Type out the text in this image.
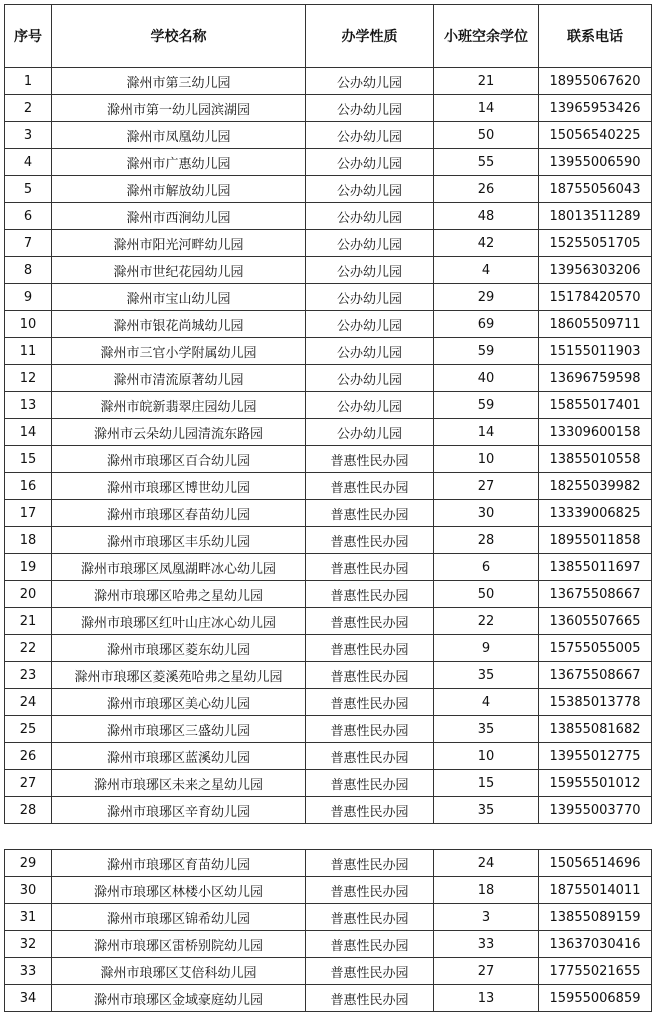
序号	学校名称	办学性质	小班空余学位	联系电话
1	滁州市第三幼儿园	公办幼儿园	21	18955067620
2	滁州市第一幼儿园滨湖园	公办幼儿园	14	13965953426
3	滁州市凤凰幼儿园	公办幼儿园	50	15056540225
4	滁州市广惠幼儿园	公办幼儿园	55	13955006590
5	滁州市解放幼儿园	公办幼儿园	26	18755056043
6	滁州市西涧幼儿园	公办幼儿园	48	18013511289
7	滁州市阳光河畔幼儿园	公办幼儿园	42	15255051705
8	滁州市世纪花园幼儿园	公办幼儿园	4	13956303206
9	滁州市宝山幼儿园	公办幼儿园	29	15178420570
10	滁州市银花尚城幼儿园	公办幼儿园	69	18605509711
11	滁州市三官小学附属幼儿园	公办幼儿园	59	15155011903
12	滁州市清流原著幼儿园	公办幼儿园	40	13696759598
13	滁州市皖新翡翠庄园幼儿园	公办幼儿园	59	15855017401
14	滁州市云朵幼儿园清流东路园	公办幼儿园	14	13309600158
15	滁州市琅琊区百合幼儿园	普惠性民办园	10	13855010558
16	滁州市琅琊区博世幼儿园	普惠性民办园	27	18255039982
17	滁州市琅琊区春苗幼儿园	普惠性民办园	30	13339006825
18	滁州市琅琊区丰乐幼儿园	普惠性民办园	28	18955011858
19	滁州市琅琊区凤凰湖畔冰心幼儿园	普惠性民办园	6	13855011697
20	滁州市琅琊区哈弗之星幼儿园	普惠性民办园	50	13675508667
21	滁州市琅琊区红叶山庄冰心幼儿园	普惠性民办园	22	13605507665
22	滁州市琅琊区菱东幼儿园	普惠性民办园	9	15755055005
23	滁州市琅琊区菱溪苑哈弗之星幼儿园	普惠性民办园	35	13675508667
24	滁州市琅琊区美心幼儿园	普惠性民办园	4	15385013778
25	滁州市琅琊区三盛幼儿园	普惠性民办园	35	13855081682
26	滁州市琅琊区蓝溪幼儿园	普惠性民办园	10	13955012775
27	滁州市琅琊区未来之星幼儿园	普惠性民办园	15	15955501012
28	滁州市琅琊区辛育幼儿园	普惠性民办园	35	13955003770
29	滁州市琅琊区育苗幼儿园	普惠性民办园	24	15056514696
30	滁州市琅琊区林楼小区幼儿园	普惠性民办园	18	18755014011
31	滁州市琅琊区锦希幼儿园	普惠性民办园	3	13855089159
32	滁州市琅琊区雷桥别院幼儿园	普惠性民办园	33	13637030416
33	滁州市琅琊区艾倍科幼儿园	普惠性民办园	27	17755021655
34	滁州市琅琊区金域豪庭幼儿园	普惠性民办园	13	15955006859
